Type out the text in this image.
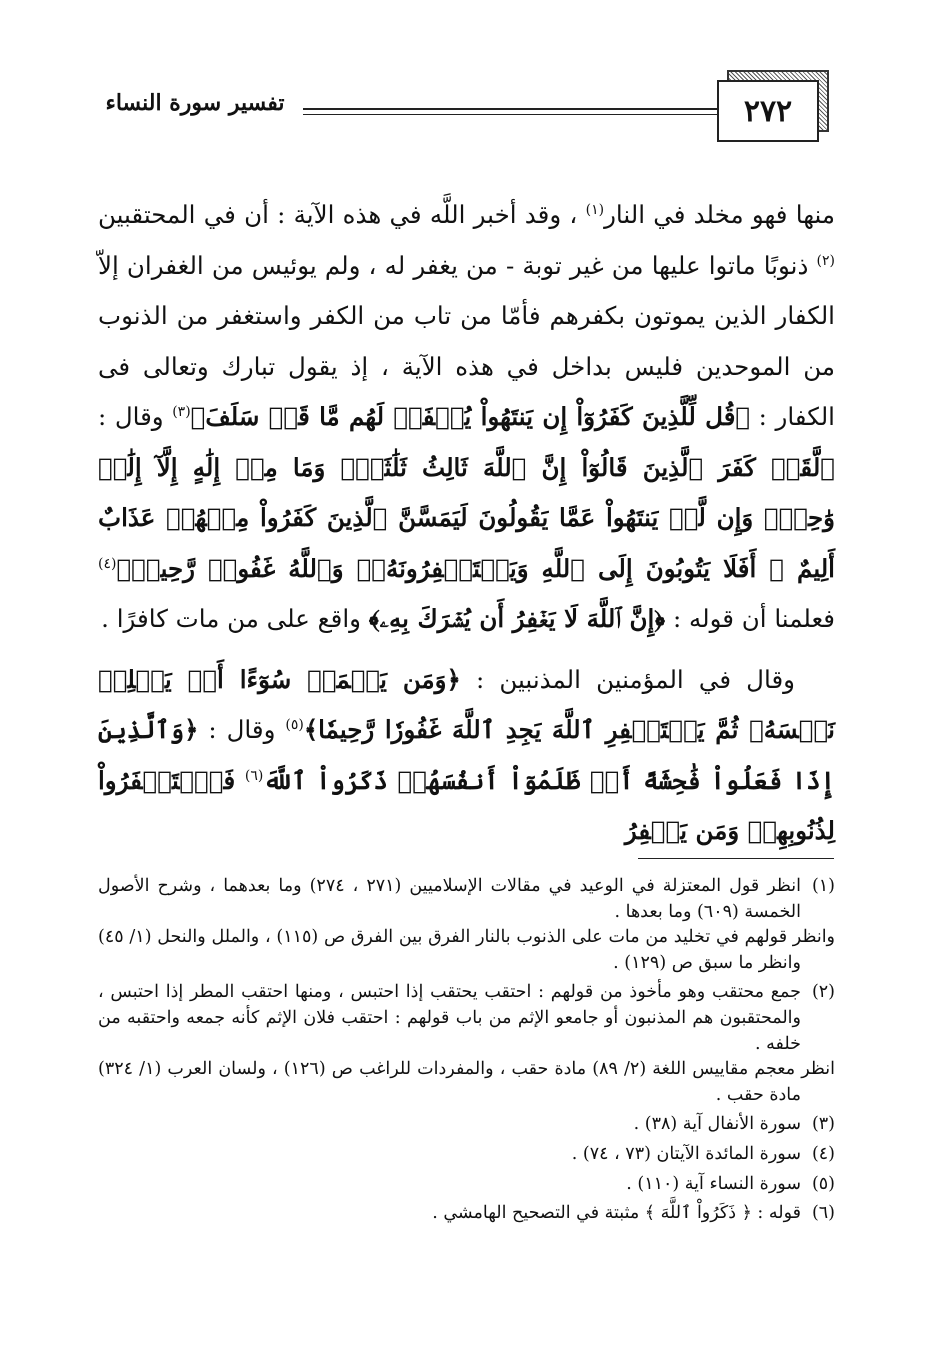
٢٧٢
تفسير سورة النساء

منها فهو مخلد في النار$^{(١)}$ ، وقد أخبر اللَّه في هذه الآية : أن في المحتقبين $^{(٢)}$ ذنوبًا ماتوا عليها من غير توبة - من يغفر له ، ولم يوئيس من الغفران إلاّ الكفار الذين يموتون بكفرهم فأمّا من تاب من الكفر واستغفر من الذنوب من الموحدين فليس بداخل في هذه الآية ، إذ يقول تبارك وتعالى فى الكفار : ﴿قُل لِّلَّذِينَ كَفَرُوٓاْ إِن يَنتَهُواْ يُغۡفَرۡ لَهُم مَّا قَدۡ سَلَفَ﴾$^{(٣)}$ وقال : ﴿لَّقَدۡ كَفَرَ ٱلَّذِينَ قَالُوٓاْ إِنَّ ٱللَّهَ ثَالِثُ ثَلَٰثَةٖۘ وَمَا مِنۡ إِلَٰهٍ إِلَّآ إِلَٰهٞ وَٰحِدٞۚ وَإِن لَّمۡ يَنتَهُواْ عَمَّا يَقُولُونَ لَيَمَسَّنَّ ٱلَّذِينَ كَفَرُواْ مِنۡهُمۡ عَذَابٌ أَلِيمٌ ۞ أَفَلَا يَتُوبُونَ إِلَى ٱللَّهِ وَيَسۡتَغۡفِرُونَهُۥۚ وَٱللَّهُ غَفُورٞ رَّحِيمٞ﴾$^{(٤)}$ فعلمنا أن قوله : ﴿إِنَّ ٱللَّهَ لَا يَغۡفِرُ أَن يُشۡرَكَ بِهِۦ﴾ واقع على من مات كافرًا .

وقال في المؤمنين المذنبين : ﴿وَمَن يَعۡمَلۡ سُوٓءًا أَوۡ يَظۡلِمۡ نَفۡسَهُۥ ثُمَّ يَسۡتَغۡفِرِ ٱللَّهَ يَجِدِ ٱللَّهَ غَفُورٗا رَّحِيمٗا﴾$^{(٥)}$ وقال : ﴿وَٱلَّذِينَ إِذَا فَعَلُواْ فَٰحِشَةً أَوۡ ظَلَمُوٓاْ أَنفُسَهُمۡ ذَكَرُواْ ٱللَّهَ$^{(٦)}$ فَٱسۡتَغۡفَرُواْ لِذُنُوبِهِمۡ وَمَن يَغۡفِرُ

(١)انظر قول المعتزلة في الوعيد في مقالات الإسلاميين (٢٧١ ، ٢٧٤) وما بعدهما ، وشرح الأصول الخمسة (٦٠٩) وما بعدها .
وانظر قولهم في تخليد من مات على الذنوب بالنار الفرق بين الفرق ص (١١٥) ، والملل والنحل (١/ ٤٥) وانظر ما سبق ص (١٢٩) .
(٢)جمع محتقب وهو مأخوذ من قولهم : احتقب يحتقب إذا احتبس ، ومنها احتقب المطر إذا احتبس ، والمحتقبون هم المذنبون أو جامعو الإثم من باب قولهم : احتقب فلان الإثم كأنه جمعه واحتقبه من خلفه .
انظر معجم مقاييس اللغة (٢/ ٨٩) مادة حقب ، والمفردات للراغب ص (١٢٦) ، ولسان العرب (١/ ٣٢٤) مادة حقب .
(٣)سورة الأنفال آية (٣٨) .
(٤)سورة المائدة الآيتان (٧٣ ، ٧٤) .
(٥)سورة النساء آية (١١٠) .
(٦)قوله : ﴿ ذَكَرُواْ ٱللَّهَ ﴾ مثبتة في التصحيح الهامشي .
